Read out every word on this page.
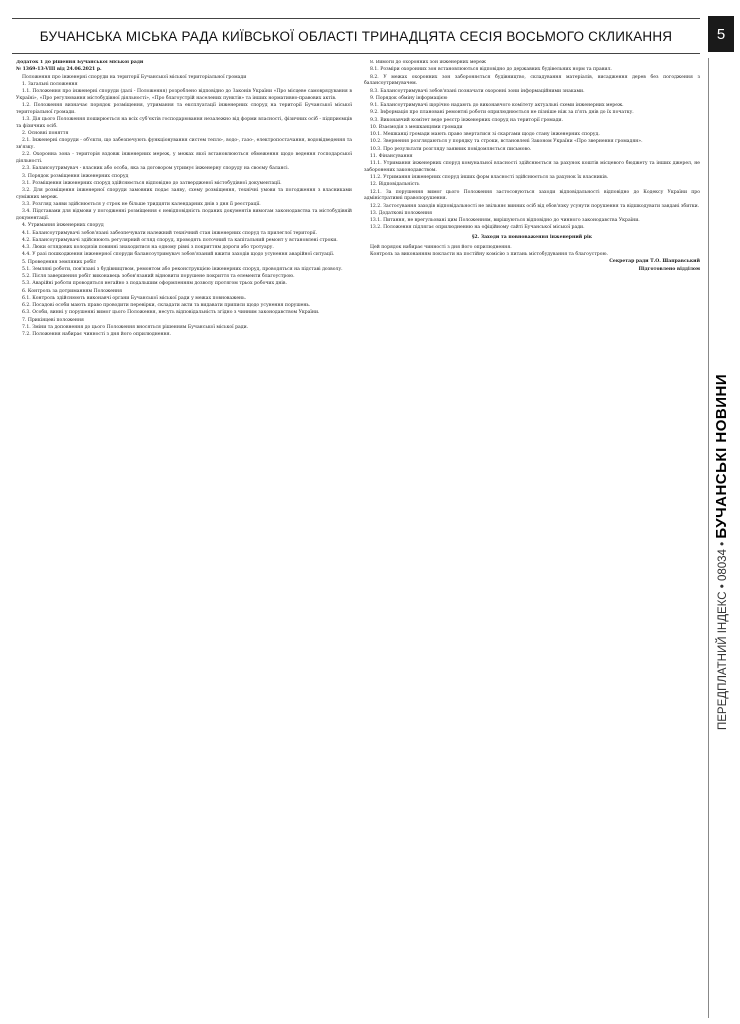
БУЧАНСЬКА МІСЬКА РАДА КИЇВСЬКОЇ ОБЛАСТІ ТРИНАДЦЯТА СЕСІЯ ВОСЬМОГО СКЛИКАННЯ	5
ПЕРЕДПЛАТНИЙ ІНДЕКС • 08034 • БУЧАНСЬКІ НОВИНИ

Додаток 1 до рішення Бучанської міської ради

№ 1369-13-VIII від 24.06.2021 р.

Положення про інженерні споруди на території Бучанської міської територіальної громади

1. Загальні положення

1.1. Положення про інженерні споруди (далі - Положення) розроблено відповідно до Законів України «Про місцеве самоврядування в Україні», «Про регулювання містобудівної діяльності», «Про благоустрій населених пунктів» та інших нормативно-правових актів.

1.2. Положення визначає порядок розміщення, утримання та експлуатації інженерних споруд на території Бучанської міської територіальної громади.

1.3. Дія цього Положення поширюється на всіх суб'єктів господарювання незалежно від форми власності, фізичних осіб - підприємців та фізичних осіб.

2. Основні поняття

2.1. Інженерні споруди - об'єкти, що забезпечують функціонування систем тепло-, водо-, газо-, електропостачання, водовідведення та зв'язку.

2.2. Охоронна зона - територія вздовж інженерних мереж, у межах якої встановлюються обмеження щодо ведення господарської діяльності.

2.3. Балансоутримувач - власник або особа, яка за договором утримує інженерну споруду на своєму балансі.

3. Порядок розміщення інженерних споруд

3.1. Розміщення інженерних споруд здійснюється відповідно до затвердженої містобудівної документації.

3.2. Для розміщення інженерної споруди замовник подає заяву, схему розміщення, технічні умови та погодження з власниками суміжних мереж.

3.3. Розгляд заяви здійснюється у строк не більше тридцяти календарних днів з дня її реєстрації.

3.4. Підставами для відмови у погодженні розміщення є невідповідність поданих документів вимогам законодавства та містобудівній документації.

4. Утримання інженерних споруд

4.1. Балансоутримувачі зобов'язані забезпечувати належний технічний стан інженерних споруд та прилеглої території.

4.2. Балансоутримувачі здійснюють регулярний огляд споруд, проводять поточний та капітальний ремонт у встановлені строки.

4.3. Люки оглядових колодязів повинні знаходитися на одному рівні з покриттям дороги або тротуару.

4.4. У разі пошкодження інженерної споруди балансоутримувач зобов'язаний вжити заходів щодо усунення аварійної ситуації.

5. Проведення земляних робіт

5.1. Земляні роботи, пов'язані з будівництвом, ремонтом або реконструкцією інженерних споруд, проводяться на підставі дозволу.

5.2. Після завершення робіт виконавець зобов'язаний відновити порушене покриття та елементи благоустрою.

5.3. Аварійні роботи проводяться негайно з подальшим оформленням дозволу протягом трьох робочих днів.

6. Контроль за дотриманням Положення

6.1. Контроль здійснюють виконавчі органи Бучанської міської ради у межах повноважень.

6.2. Посадові особи мають право проводити перевірки, складати акти та видавати приписи щодо усунення порушень.

6.3. Особи, винні у порушенні вимог цього Положення, несуть відповідальність згідно з чинним законодавством України.

7. Прикінцеві положення

7.1. Зміни та доповнення до цього Положення вносяться рішенням Бучанської міської ради.

7.2. Положення набирає чинності з дня його оприлюднення.

8. Вимоги до охоронних зон інженерних мереж

8.1. Розміри охоронних зон встановлюються відповідно до державних будівельних норм та правил.

8.2. У межах охоронних зон забороняється будівництво, складування матеріалів, висадження дерев без погодження з балансоутримувачем.

8.3. Балансоутримувачі зобов'язані позначати охоронні зони інформаційними знаками.

9. Порядок обміну інформацією

9.1. Балансоутримувачі щорічно надають до виконавчого комітету актуальні схеми інженерних мереж.

9.2. Інформація про плановані ремонтні роботи оприлюднюється не пізніше ніж за п'ять днів до їх початку.

9.3. Виконавчий комітет веде реєстр інженерних споруд на території громади.

10. Взаємодія з мешканцями громади

10.1. Мешканці громади мають право звертатися зі скаргами щодо стану інженерних споруд.

10.2. Звернення розглядаються у порядку та строки, встановлені Законом України «Про звернення громадян».

10.3. Про результати розгляду заявник повідомляється письмово.

11. Фінансування

11.1. Утримання інженерних споруд комунальної власності здійснюється за рахунок коштів місцевого бюджету та інших джерел, не заборонених законодавством.

11.2. Утримання інженерних споруд інших форм власності здійснюється за рахунок їх власників.

12. Відповідальність

12.1. За порушення вимог цього Положення застосовуються заходи відповідальності відповідно до Кодексу України про адміністративні правопорушення.

12.2. Застосування заходів відповідальності не звільняє винних осіб від обов'язку усунути порушення та відшкодувати завдані збитки.

13. Додаткові положення

13.1. Питання, не врегульовані цим Положенням, вирішуються відповідно до чинного законодавства України.

13.2. Положення підлягає оприлюдненню на офіційному сайті Бучанської міської ради.

§2. Заходи та повноваження інженерний рік

Цей порядок набирає чинності з дня його оприлюднення.

Контроль за виконанням покласти на постійну комісію з питань містобудування та благоустрою.

Секретар ради Т.О. Шаправський

Підготовлено відділом
